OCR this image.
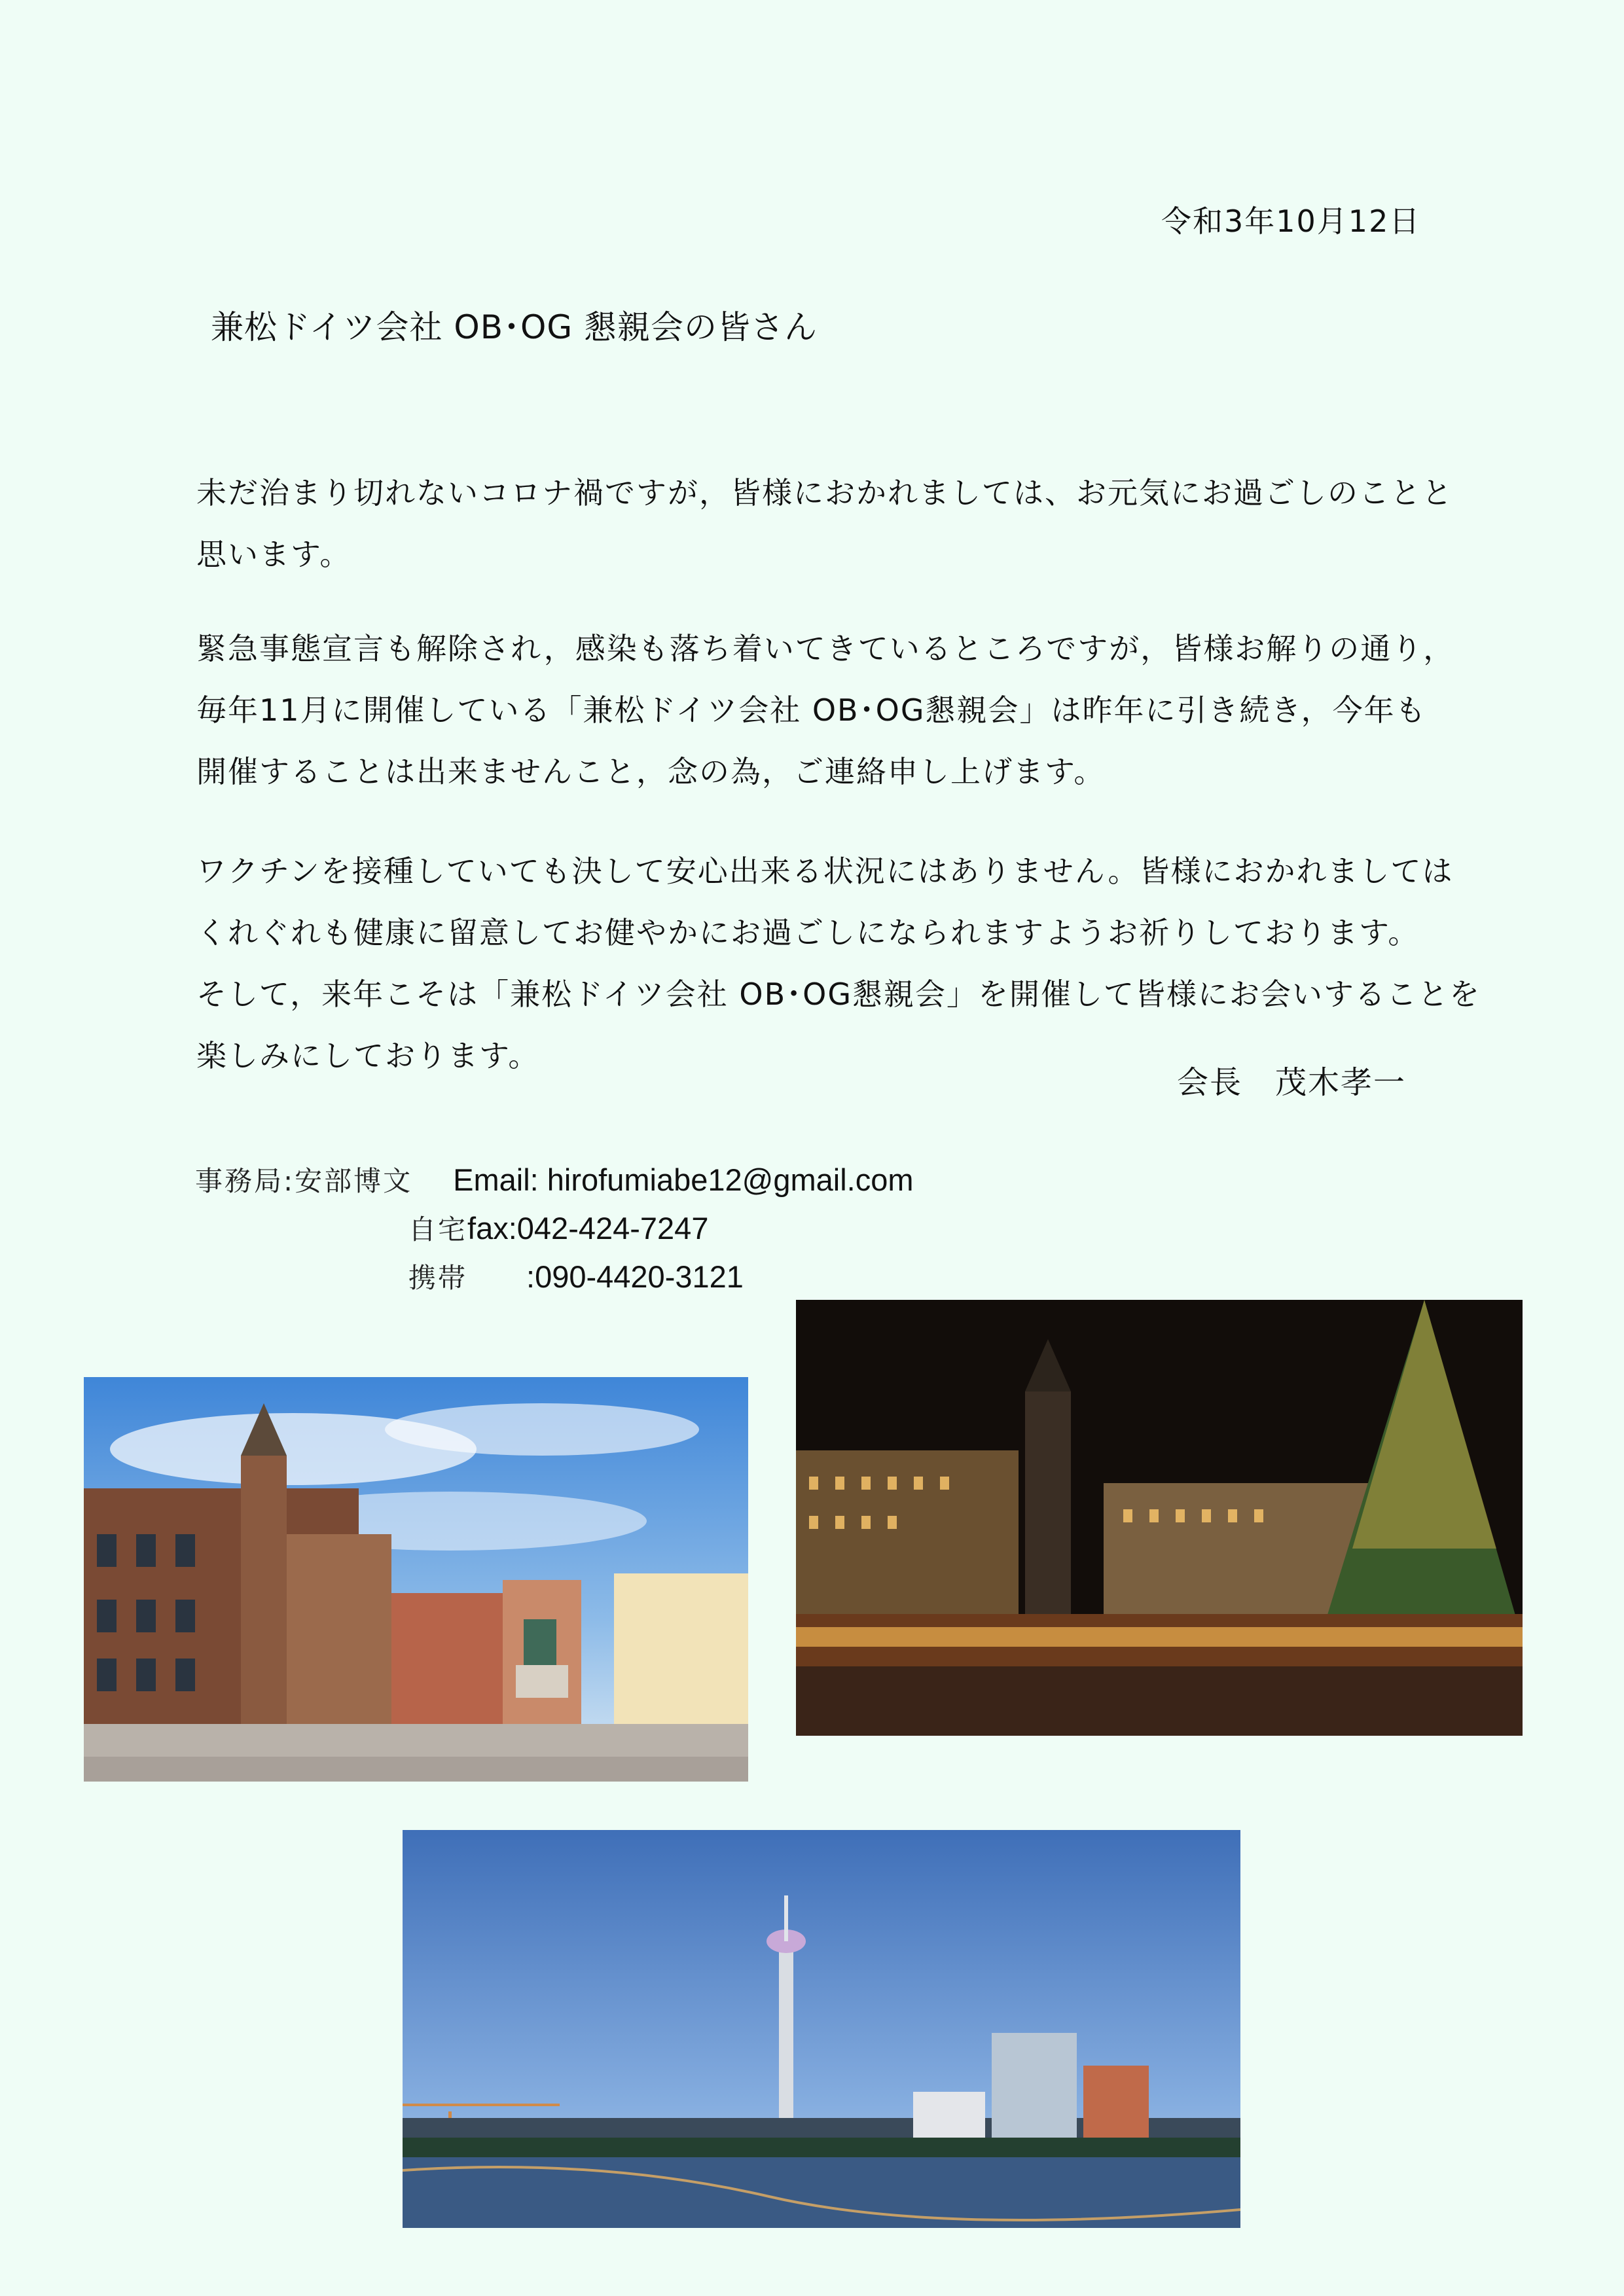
令和3年10月12日
兼松ドイツ会社 OB･OG 懇親会の皆さん
未だ治まり切れないコロナ禍ですが，皆様におかれましては、お元気にお過ごしのことと
思います。
緊急事態宣言も解除され，感染も落ち着いてきているところですが，皆様お解りの通り，
毎年11月に開催している「兼松ドイツ会社 OB･OG懇親会」は昨年に引き続き，今年も
開催することは出来ませんこと，念の為，ご連絡申し上げます。
ワクチンを接種していても決して安心出来る状況にはありません。皆様におかれましては
くれぐれも健康に留意してお健やかにお過ごしになられますようお祈りしております。
そして，来年こそは「兼松ドイツ会社 OB･OG懇親会」を開催して皆様にお会いすることを
楽しみにしております。
会長 茂木孝一
事務局:安部博文 Email: hirofumiabe12@gmail.com
自宅fax:042-424-7247
携帯 :090-4420-3121
